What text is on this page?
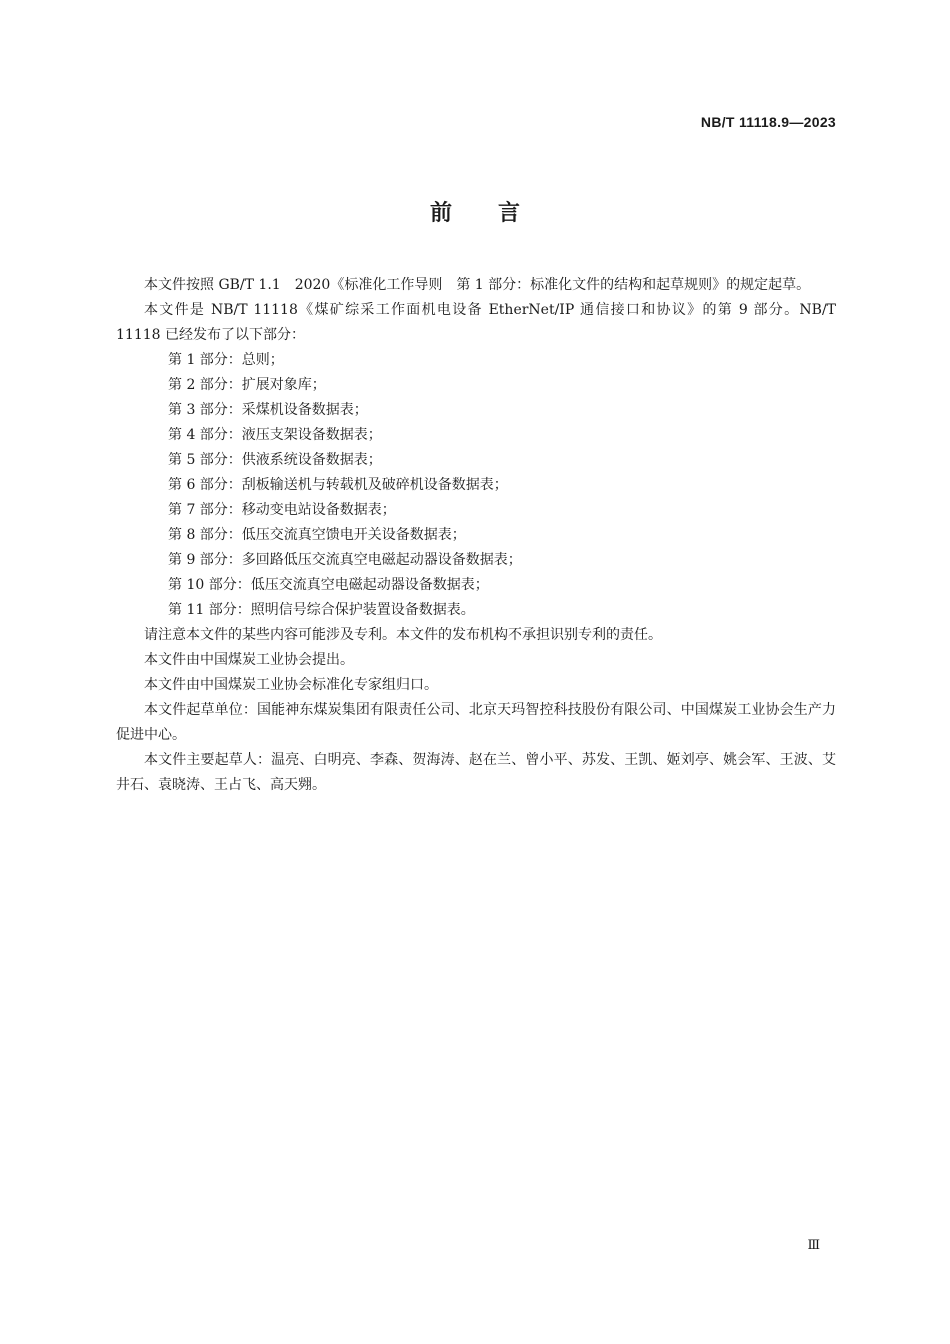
NB/T 11118.9—2023
前言

本文件按照 GB/T 1.1　2020《标准化工作导则　第 1 部分：标准化文件的结构和起草规则》的规定起草。

本文件是 NB/T 11118《煤矿综采工作面机电设备 EtherNet/IP 通信接口和协议》的第 9 部分。NB/T 11118 已经发布了以下部分：

第 1 部分：总则；
第 2 部分：扩展对象库；
第 3 部分：采煤机设备数据表；
第 4 部分：液压支架设备数据表；
第 5 部分：供液系统设备数据表；
第 6 部分：刮板输送机与转载机及破碎机设备数据表；
第 7 部分：移动变电站设备数据表；
第 8 部分：低压交流真空馈电开关设备数据表；
第 9 部分：多回路低压交流真空电磁起动器设备数据表；
第 10 部分：低压交流真空电磁起动器设备数据表；
第 11 部分：照明信号综合保护装置设备数据表。

请注意本文件的某些内容可能涉及专利。本文件的发布机构不承担识别专利的责任。

本文件由中国煤炭工业协会提出。

本文件由中国煤炭工业协会标准化专家组归口。

本文件起草单位：国能神东煤炭集团有限责任公司、北京天玛智控科技股份有限公司、中国煤炭工业协会生产力促进中心。

本文件主要起草人：温亮、白明亮、李森、贺海涛、赵在兰、曾小平、苏发、王凯、姬刘亭、姚会军、王波、艾井石、袁晓涛、王占飞、高天翙。

Ⅲ
